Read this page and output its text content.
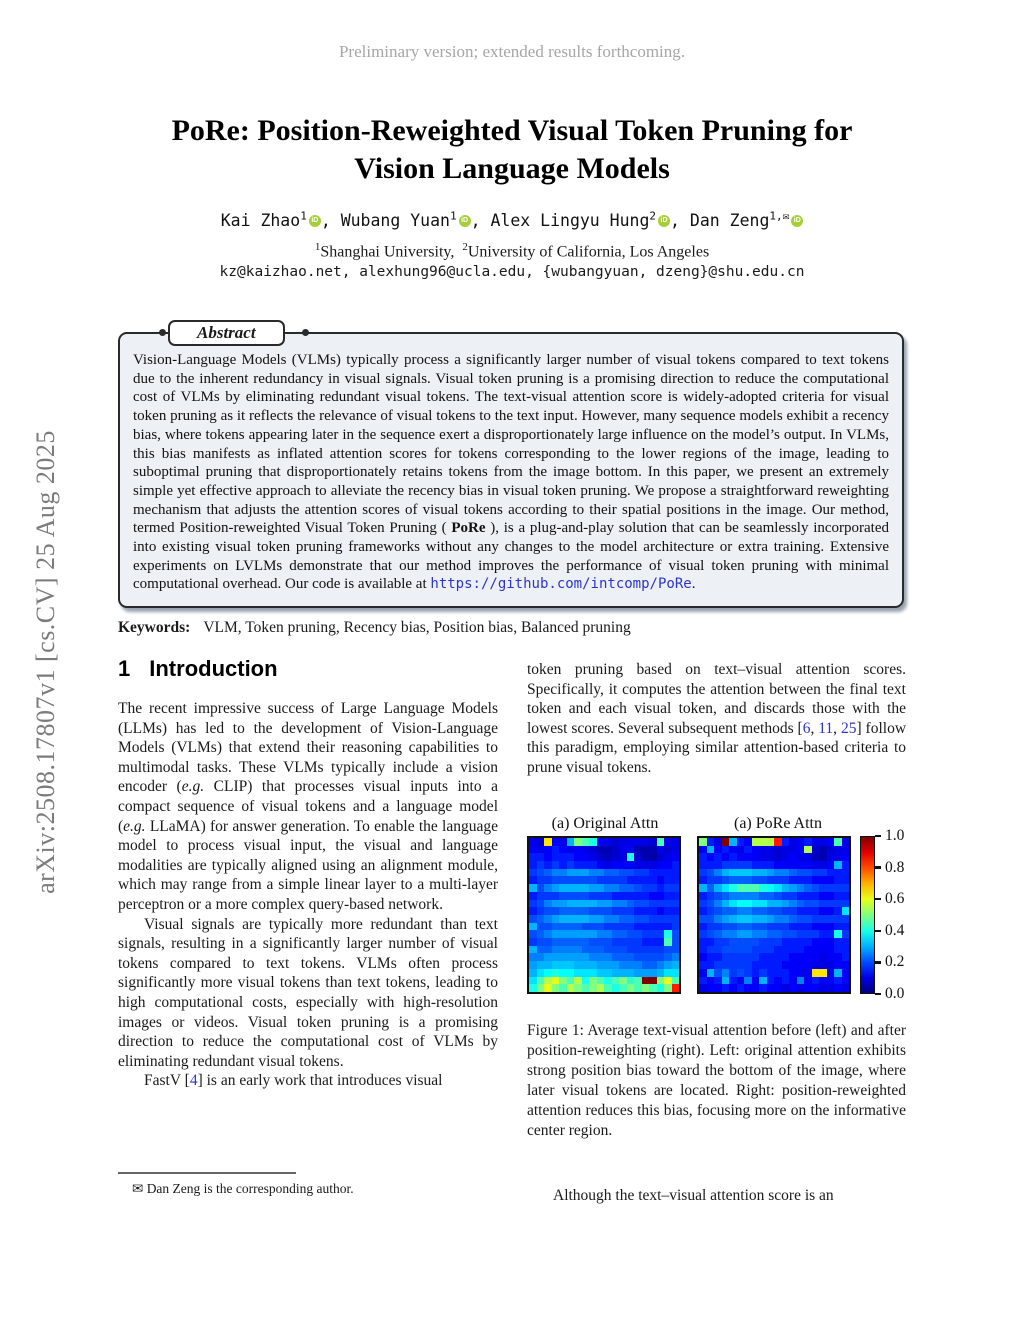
Preliminary version; extended results forthcoming.
arXiv:2508.17807v1 [cs.CV] 25 Aug 2025
PoRe: Position-Reweighted Visual Token Pruning for
Vision Language Models
Kai Zhao$^1$ iD , Wubang Yuan$^1$ iD , Alex Lingyu Hung$^2$ iD , Dan Zeng$^{1,✉}$ iD
$^1$Shanghai University, $^2$University of California, Los Angeles
kz@kaizhao.net, alexhung96@ucla.edu, {wubangyuan, dzeng}@shu.edu.cn
Abstract
Vision-Language Models (VLMs) typically process a significantly larger number of visual tokens compared to text tokens due to the inherent redundancy in visual signals. Visual token pruning is a promising direction to reduce the computational cost of VLMs by eliminating redundant visual tokens. The text-visual attention score is widely-adopted criteria for visual token pruning as it reflects the relevance of visual tokens to the text input. However, many sequence models exhibit a recency bias, where tokens appearing later in the sequence exert a disproportionately large influence on the model’s output. In VLMs, this bias manifests as inflated attention scores for tokens corresponding to the lower regions of the image, leading to suboptimal pruning that disproportionately retains tokens from the image bottom. In this paper, we present an extremely simple yet effective approach to alleviate the recency bias in visual token pruning. We propose a straightforward reweighting mechanism that adjusts the attention scores of visual tokens according to their spatial positions in the image. Our method, termed Position-reweighted Visual Token Pruning ( PoRe ), is a plug-and-play solution that can be seamlessly incorporated into existing visual token pruning frameworks without any changes to the model architecture or extra training. Extensive experiments on LVLMs demonstrate that our method improves the performance of visual token pruning with minimal computational overhead. Our code is available at https://github.com/intcomp/PoRe.
Keywords: VLM, Token pruning, Recency bias, Position bias, Balanced pruning
1 Introduction

The recent impressive success of Large Language Models (LLMs) has led to the development of Vision-Language Models (VLMs) that extend their reasoning capabilities to multimodal tasks. These VLMs typically include a vision encoder (e.g. CLIP) that processes visual inputs into a compact sequence of visual tokens and a language model (e.g. LLaMA) for answer generation. To enable the language model to process visual input, the visual and language modalities are typically aligned using an alignment module, which may range from a simple linear layer to a multi-layer perceptron or a more complex query-based network.

Visual signals are typically more redundant than text signals, resulting in a significantly larger number of visual tokens compared to text tokens. VLMs often process significantly more visual tokens than text tokens, leading to high computational costs, especially with high-resolution images or videos. Visual token pruning is a promising direction to reduce the computational cost of VLMs by eliminating redundant visual tokens.

FastV [4] is an early work that introduces visual

token pruning based on text–visual attention scores. Specifically, it computes the attention between the final text token and each visual token, and discards those with the lowest scores. Several subsequent methods [6, 11, 25] follow this paradigm, employing similar attention-based criteria to prune visual tokens.

(a) Original Attn	(a) PoRe Attn
1.0
0.8
0.6
0.4
0.2
0.0
Figure 1: Average text-visual attention before (left) and after position-reweighting (right). Left: original attention exhibits strong position bias toward the bottom of the image, where later visual tokens are located. Right: position-reweighted attention reduces this bias, focusing more on the informative center region.

Although the text–visual attention score is an

✉ Dan Zeng is the corresponding author.
